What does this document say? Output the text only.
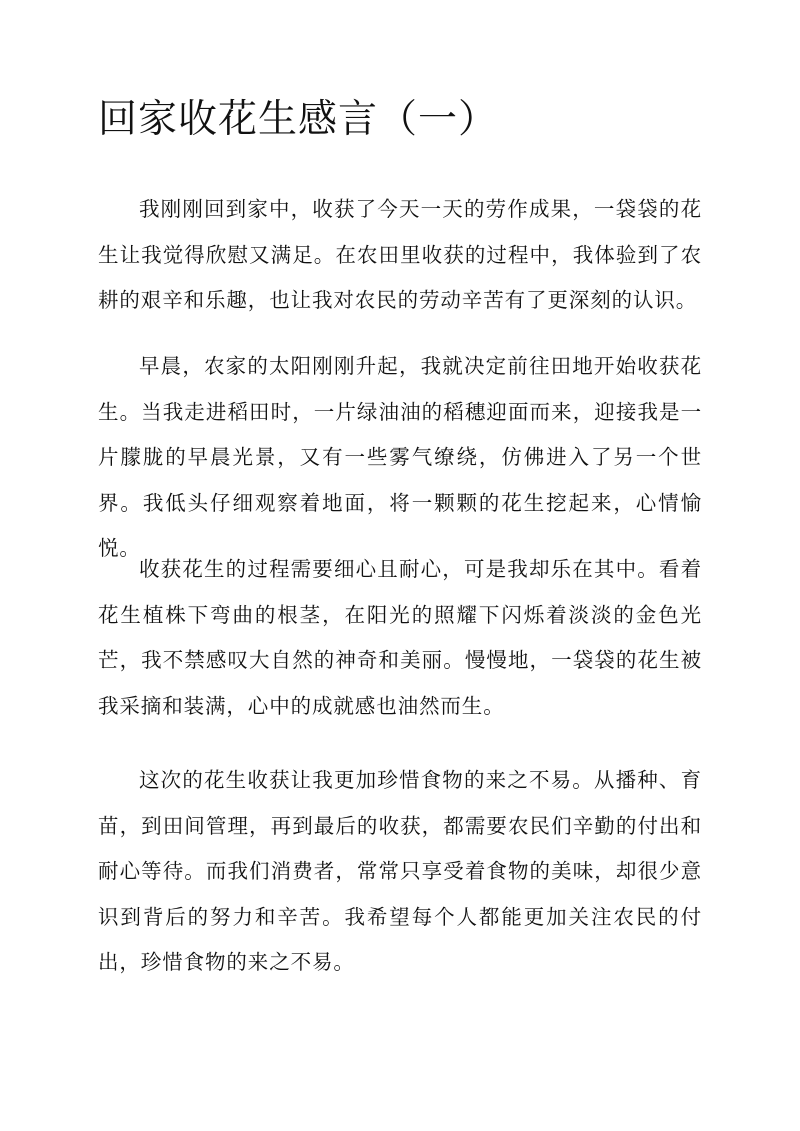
回家收花生感言（一）

我刚刚回到家中，收获了今天一天的劳作成果，一袋袋的花生让我觉得欣慰又满足。在农田里收获的过程中，我体验到了农耕的艰辛和乐趣，也让我对农民的劳动辛苦有了更深刻的认识。

早晨，农家的太阳刚刚升起，我就决定前往田地开始收获花生。当我走进稻田时，一片绿油油的稻穗迎面而来，迎接我是一片朦胧的早晨光景，又有一些雾气缭绕，仿佛进入了另一个世界。我低头仔细观察着地面，将一颗颗的花生挖起来，心情愉悦。

收获花生的过程需要细心且耐心，可是我却乐在其中。看着花生植株下弯曲的根茎，在阳光的照耀下闪烁着淡淡的金色光芒，我不禁感叹大自然的神奇和美丽。慢慢地，一袋袋的花生被我采摘和装满，心中的成就感也油然而生。

这次的花生收获让我更加珍惜食物的来之不易。从播种、育苗，到田间管理，再到最后的收获，都需要农民们辛勤的付出和耐心等待。而我们消费者，常常只享受着食物的美味，却很少意识到背后的努力和辛苦。我希望每个人都能更加关注农民的付出，珍惜食物的来之不易。
